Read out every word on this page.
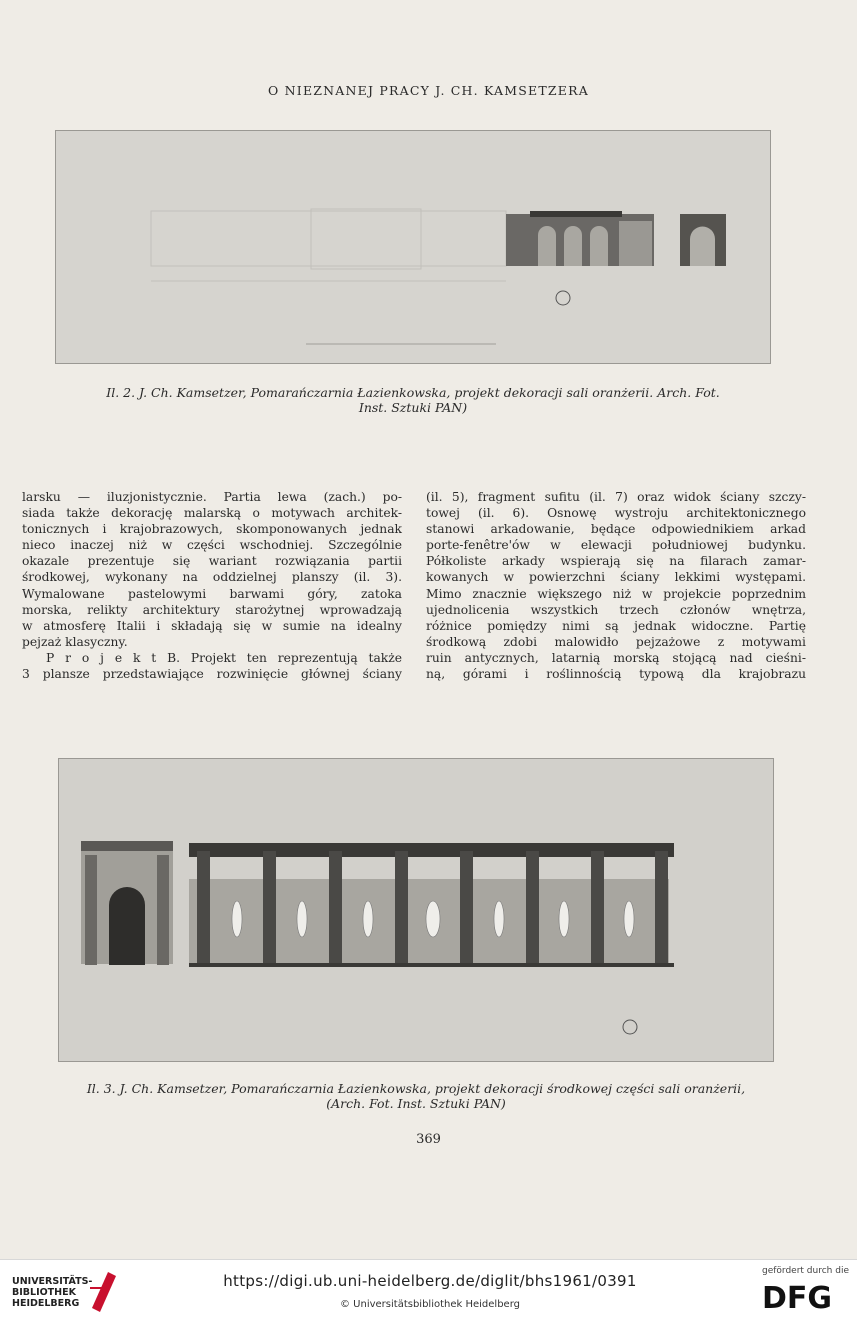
O NIEZNANEJ PRACY J. CH. KAMSETZERA
Il. 2. J. Ch. Kamsetzer, Pomarańczarnia Łazienkowska, projekt dekoracji sali oranżerii. Arch. Fot.
Inst. Sztuki PAN)
larsku — iluzjonistycznie. Partia lewa (zach.) po-
siada także dekorację malarską o motywach architek-
tonicznych i krajobrazowych, skomponowanych jednak
nieco inaczej niż w części wschodniej. Szczególnie
okazale prezentuje się wariant rozwiązania partii
środkowej, wykonany na oddzielnej planszy (il. 3).
Wymalowane pastelowymi barwami góry, zatoka
morska, relikty architektury starożytnej wprowadzają
w atmosferę Italii i składają się w sumie na idealny
pejzaż klasyczny.
P r o j e k t B. Projekt ten reprezentują także
3 plansze przedstawiające rozwinięcie głównej ściany
(il. 5), fragment sufitu (il. 7) oraz widok ściany szczy-
towej (il. 6). Osnowę wystroju architektonicznego
stanowi arkadowanie, będące odpowiednikiem arkad
porte-fenêtre'ów w elewacji południowej budynku.
Półkoliste arkady wspierają się na filarach zamar-
kowanych w powierzchni ściany lekkimi występami.
Mimo znacznie większego niż w projekcie poprzednim
ujednolicenia wszystkich trzech członów wnętrza,
różnice pomiędzy nimi są jednak widoczne. Partię
środkową zdobi malowidło pejzażowe z motywami
ruin antycznych, latarnią morską stojącą nad cieśni-
ną, górami i roślinnością typową dla krajobrazu
Il. 3. J. Ch. Kamsetzer, Pomarańczarnia Łazienkowska, projekt dekoracji środkowej części sali oranżerii,
(Arch. Fot. Inst. Sztuki PAN)
369
UNIVERSITÄTS-
BIBLIOTHEK
HEIDELBERG
https://digi.ub.uni-heidelberg.de/diglit/bhs1961/0391
© Universitätsbibliothek Heidelberg
gefördert durch die
DFG
